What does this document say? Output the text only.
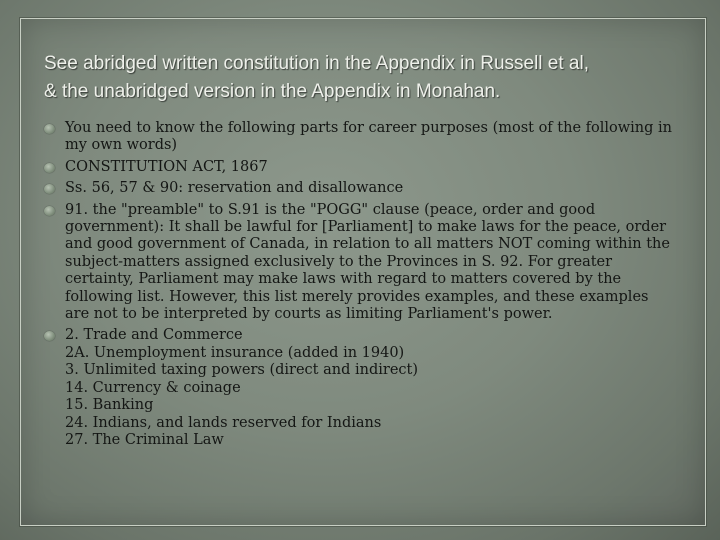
See abridged written constitution in the Appendix in Russell et al,
& the unabridged version in the Appendix in Monahan.
You need to know the following parts for career purposes (most of the following in my own words)
CONSTITUTION ACT, 1867
Ss. 56, 57 & 90: reservation and disallowance
91. the "preamble" to S.91 is the "POGG" clause (peace, order and good government): It shall be lawful for [Parliament] to make laws for the peace, order and good government of Canada, in relation to all matters NOT coming within the subject-matters assigned exclusively to the Provinces in S. 92. For greater certainty, Parliament may make laws with regard to matters covered by the following list. However, this list merely provides examples, and these examples are not to be interpreted by courts as limiting Parliament's power.
2. Trade and Commerce
2A. Unemployment insurance (added in 1940)
3. Unlimited taxing powers (direct and indirect)
14. Currency & coinage
15. Banking
24. Indians, and lands reserved for Indians
27. The Criminal Law
